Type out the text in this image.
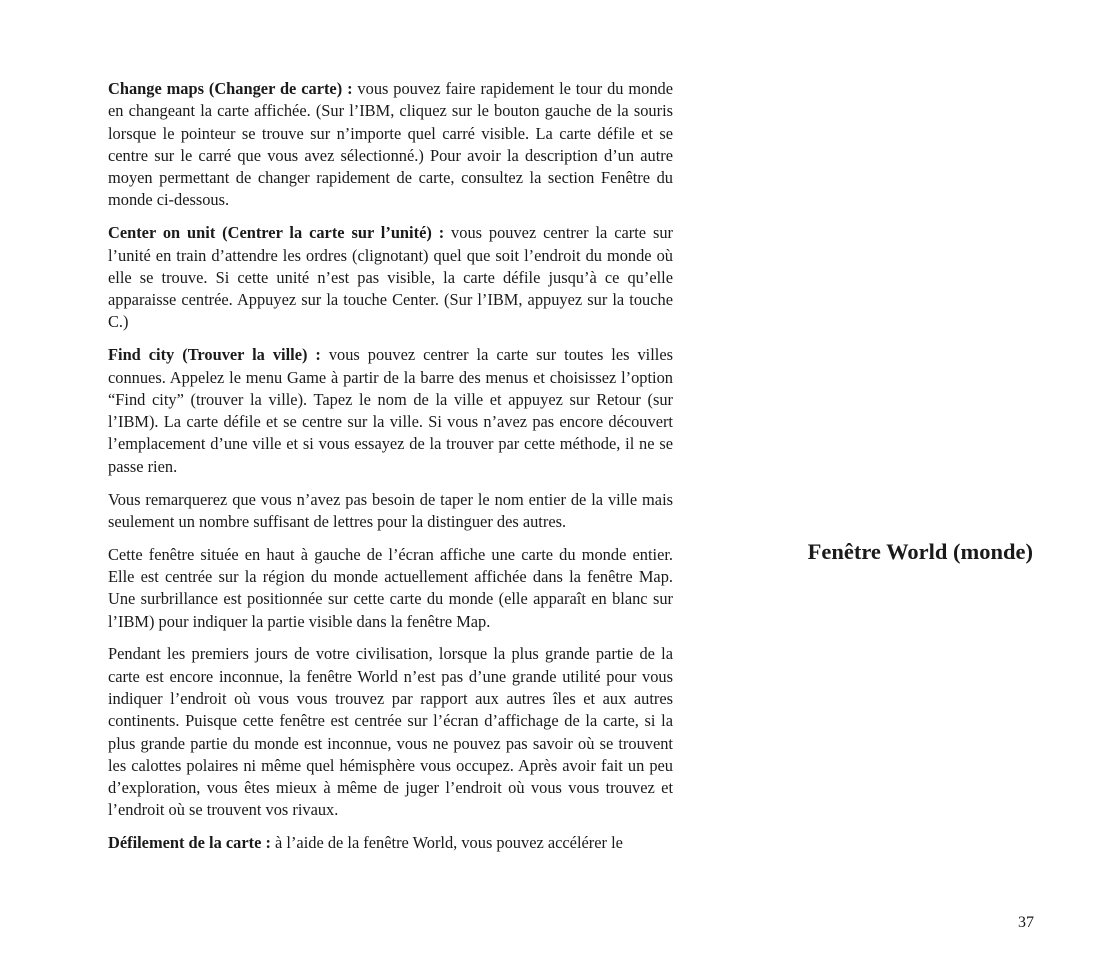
Change maps (Changer de carte) : vous pouvez faire rapidement le tour du monde en changeant la carte affichée. (Sur l’IBM, cliquez sur le bouton gauche de la souris lorsque le pointeur se trouve sur n’importe quel carré visible. La carte défile et se centre sur le carré que vous avez sélectionné.) Pour avoir la description d’un autre moyen permettant de changer rapidement de carte, consultez la section Fenêtre du monde ci-dessous.

Center on unit (Centrer la carte sur l’unité) : vous pouvez centrer la carte sur l’unité en train d’attendre les ordres (clignotant) quel que soit l’endroit du monde où elle se trouve. Si cette unité n’est pas visible, la carte défile jusqu’à ce qu’elle apparaisse centrée. Appuyez sur la touche Center. (Sur l’IBM, appuyez sur la touche C.)

Find city (Trouver la ville) : vous pouvez centrer la carte sur toutes les villes connues. Appelez le menu Game à partir de la barre des menus et choisissez l’option “Find city” (trouver la ville). Tapez le nom de la ville et appuyez sur Retour (sur l’IBM). La carte défile et se centre sur la ville. Si vous n’avez pas encore découvert l’emplacement d’une ville et si vous essayez de la trouver par cette méthode, il ne se passe rien.

Vous remarquerez que vous n’avez pas besoin de taper le nom entier de la ville mais seulement un nombre suffisant de lettres pour la distinguer des autres.

Cette fenêtre située en haut à gauche de l’écran affiche une carte du monde entier. Elle est centrée sur la région du monde actuellement affichée dans la fenêtre Map. Une surbrillance est positionnée sur cette carte du monde (elle apparaît en blanc sur l’IBM) pour indiquer la partie visible dans la fenêtre Map.

Pendant les premiers jours de votre civilisation, lorsque la plus grande partie de la carte est encore inconnue, la fenêtre World n’est pas d’une grande utilité pour vous indiquer l’endroit où vous vous trouvez par rapport aux autres îles et aux autres continents. Puisque cette fenêtre est centrée sur l’écran d’affichage de la carte, si la plus grande partie du monde est inconnue, vous ne pouvez pas savoir où se trouvent les calottes polaires ni même quel hémisphère vous occupez. Après avoir fait un peu d’exploration, vous êtes mieux à même de juger l’endroit où vous vous trouvez et l’endroit où se trouvent vos rivaux.

Défilement de la carte : à l’aide de la fenêtre World, vous pouvez accélérer le

Fenêtre World (monde)
37
